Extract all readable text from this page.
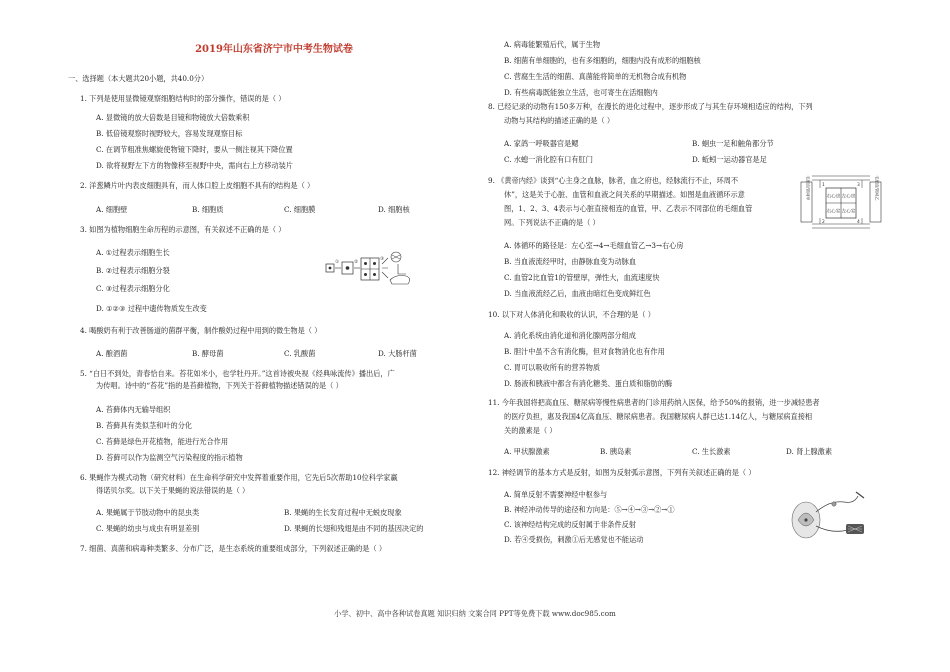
2019年山东省济宁市中考生物试卷
一、选择题（本大题共20小题，共40.0分）
1. 下列是使用显微镜观察细胞结构时的部分操作，错误的是（ ）
A. 显微镜的放大倍数是目镜和物镜放大倍数乘积
B. 低倍镜观察时视野较大，容易发现观察目标
C. 在调节粗准焦螺旋使物镜下降时，要从一侧注视其下降位置
D. 欲将视野左下方的物像移至视野中央，需向右上方移动装片
2. 洋葱鳞片叶内表皮细胞具有，而人体口腔上皮细胞不具有的结构是（ ）
A. 细胞壁	B. 细胞质	C. 细胞膜	D. 细胞核
3. 如图为植物细胞生命历程的示意图，有关叙述不正确的是（ ）
A. ①过程表示细胞生长
B. ②过程表示细胞分裂
C. ③过程表示细胞分化
D. ①②③ 过程中遗传物质发生改变
4. 喝酸奶有利于改善肠道的菌群平衡，制作酸奶过程中用到的微生物是（ ）
A. 酿酒菌	B. 酵母菌	C. 乳酸菌	D. 大肠杆菌
5. “白日不到处，青春恰自来。苔花如米小，也学牡丹开。”这首诗被央视《经典咏流传》播出后，广
为传唱。诗中的“苔花”指的是苔藓植物，下列关于苔藓植物描述错误的是（ ）
A. 苔藓体内无输导组织
B. 苔藓具有类似茎和叶的分化
C. 苔藓是绿色开花植物，能进行光合作用
D. 苔藓可以作为监测空气污染程度的指示植物
6. 果蝇作为模式动物（研究材料）在生命科学研究中发挥着重要作用，它先后5次帮助10位科学家赢
得诺贝尔奖。以下关于果蝇的说法错误的是（ ）
A. 果蝇属于节肢动物中的昆虫类	B. 果蝇的生长发育过程中无蜕皮现象
C. 果蝇的幼虫与成虫有明显差别	D. 果蝇的长翅和残翅是由不同的基因决定的
7. 细菌、真菌和病毒种类繁多、分布广泛，是生态系统的重要组成部分，下列叙述正确的是（ ）
①	②
③
A. 病毒能繁殖后代，属于生物
B. 细菌有单细胞的，也有多细胞的，细胞内没有成形的细胞核
C. 营腐生生活的细菌、真菌能将简单的无机物合成有机物
D. 有些病毒既能独立生活，也可寄生在活细胞内
8. 已经记录的动物有150多万种，在漫长的进化过程中，逐步形成了与其生存环境相适应的结构，下列
动物与其结构的描述正确的是（ ）
A. 家鸽一呼吸器官是鳃	B. 蛔虫一足和触角都分节
C. 水螅一消化腔有口有肛门	D. 蚯蚓一运动器官是足
9. 《黄帝内经》谈到“心主身之血脉，脉者，血之府也，经脉流行不止，环周不
休”，这是关于心脏、血管和血液之间关系的早期描述。如图是血液循环示意
图，1、2、3、4表示与心脏直接相连的血管，甲、乙表示不同部位的毛细血管
网。下列说法不正确的是（ ）
A. 体循环的路径是：左心室→4→毛细血管乙→3→右心房
B. 当血液流经甲时，由静脉血变为动脉血
C. 血管2比血管1的管壁厚，弹性大，血流速度快
D. 当血液流经乙后，血液由暗红色变成鲜红色
10. 以下对人体消化和吸收的认识，不合理的是（ ）
A. 消化系统由消化道和消化腺两部分组成
B. 胆汁中虽不含有消化酶，但对食物消化也有作用
C. 胃可以吸收所有的营养物质
D. 肠液和胰液中都含有消化糖类、蛋白质和脂肪的酶
11. 今年我国将把高血压、糖尿病等慢性病患者的门诊用药纳入医保，给予50%的报销，进一步减轻患者
的医疗负担，惠及我国4亿高血压、糖尿病患者。我国糖尿病人群已达1.14亿人，与糖尿病直接相
关的激素是（ ）
A. 甲状腺激素	B. 胰岛素	C. 生长激素	D. 肾上腺激素
12. 神经调节的基本方式是反射，如图为反射弧示意图，下列有关叙述正确的是（ ）
A. 简单反射不需要神经中枢参与
B. 神经冲动传导的途径和方向是：⑤→④→③→②→①
C. 该神经结构完成的反射属于非条件反射
D. 若④受损伤，刺激①后无感觉也不能运动
毛细血管网甲	毛细血管网乙
右心房 左心房
右心室 左心室
1	3
2	4
小学、初中、高中各种试卷真题 知识归纳 文案合同 PPT等免费下载 www.doc985.com
